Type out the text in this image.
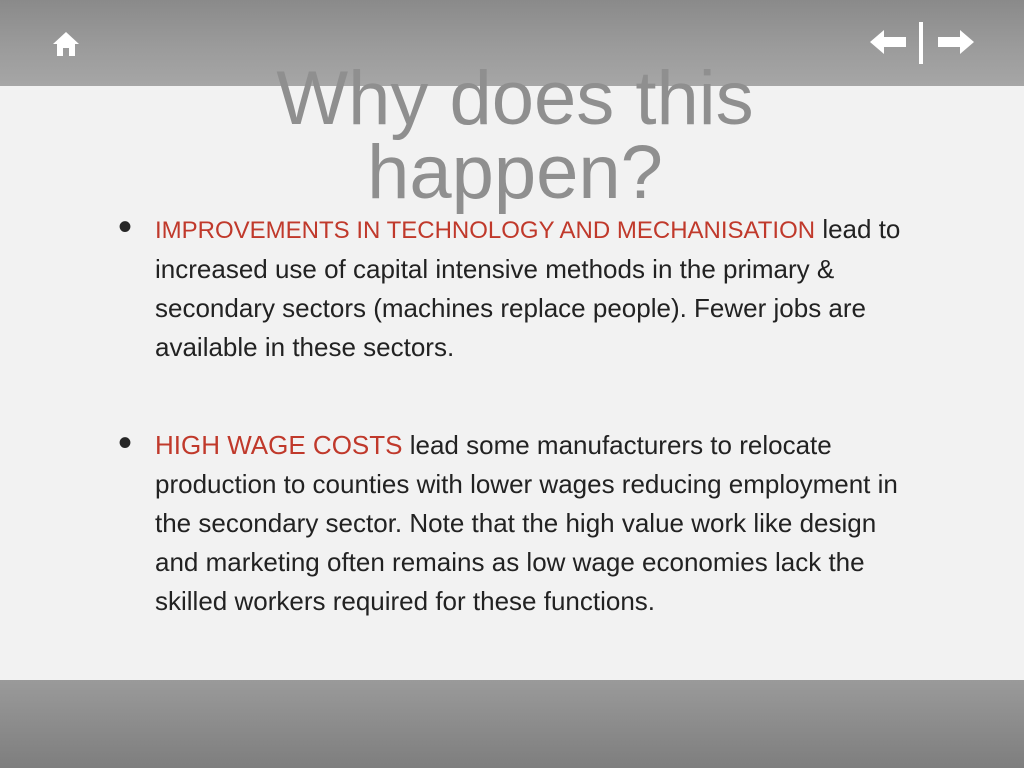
Why does this happen?
• IMPROVEMENTS IN TECHNOLOGY AND MECHANISATION lead to increased use of capital intensive methods in the primary & secondary sectors (machines replace people). Fewer jobs are available in these sectors.
• HIGH WAGE COSTS lead some manufacturers to relocate production to counties with lower wages reducing employment in the secondary sector. Note that the high value work like design and marketing often remains as low wage economies lack the skilled workers required for these functions.
